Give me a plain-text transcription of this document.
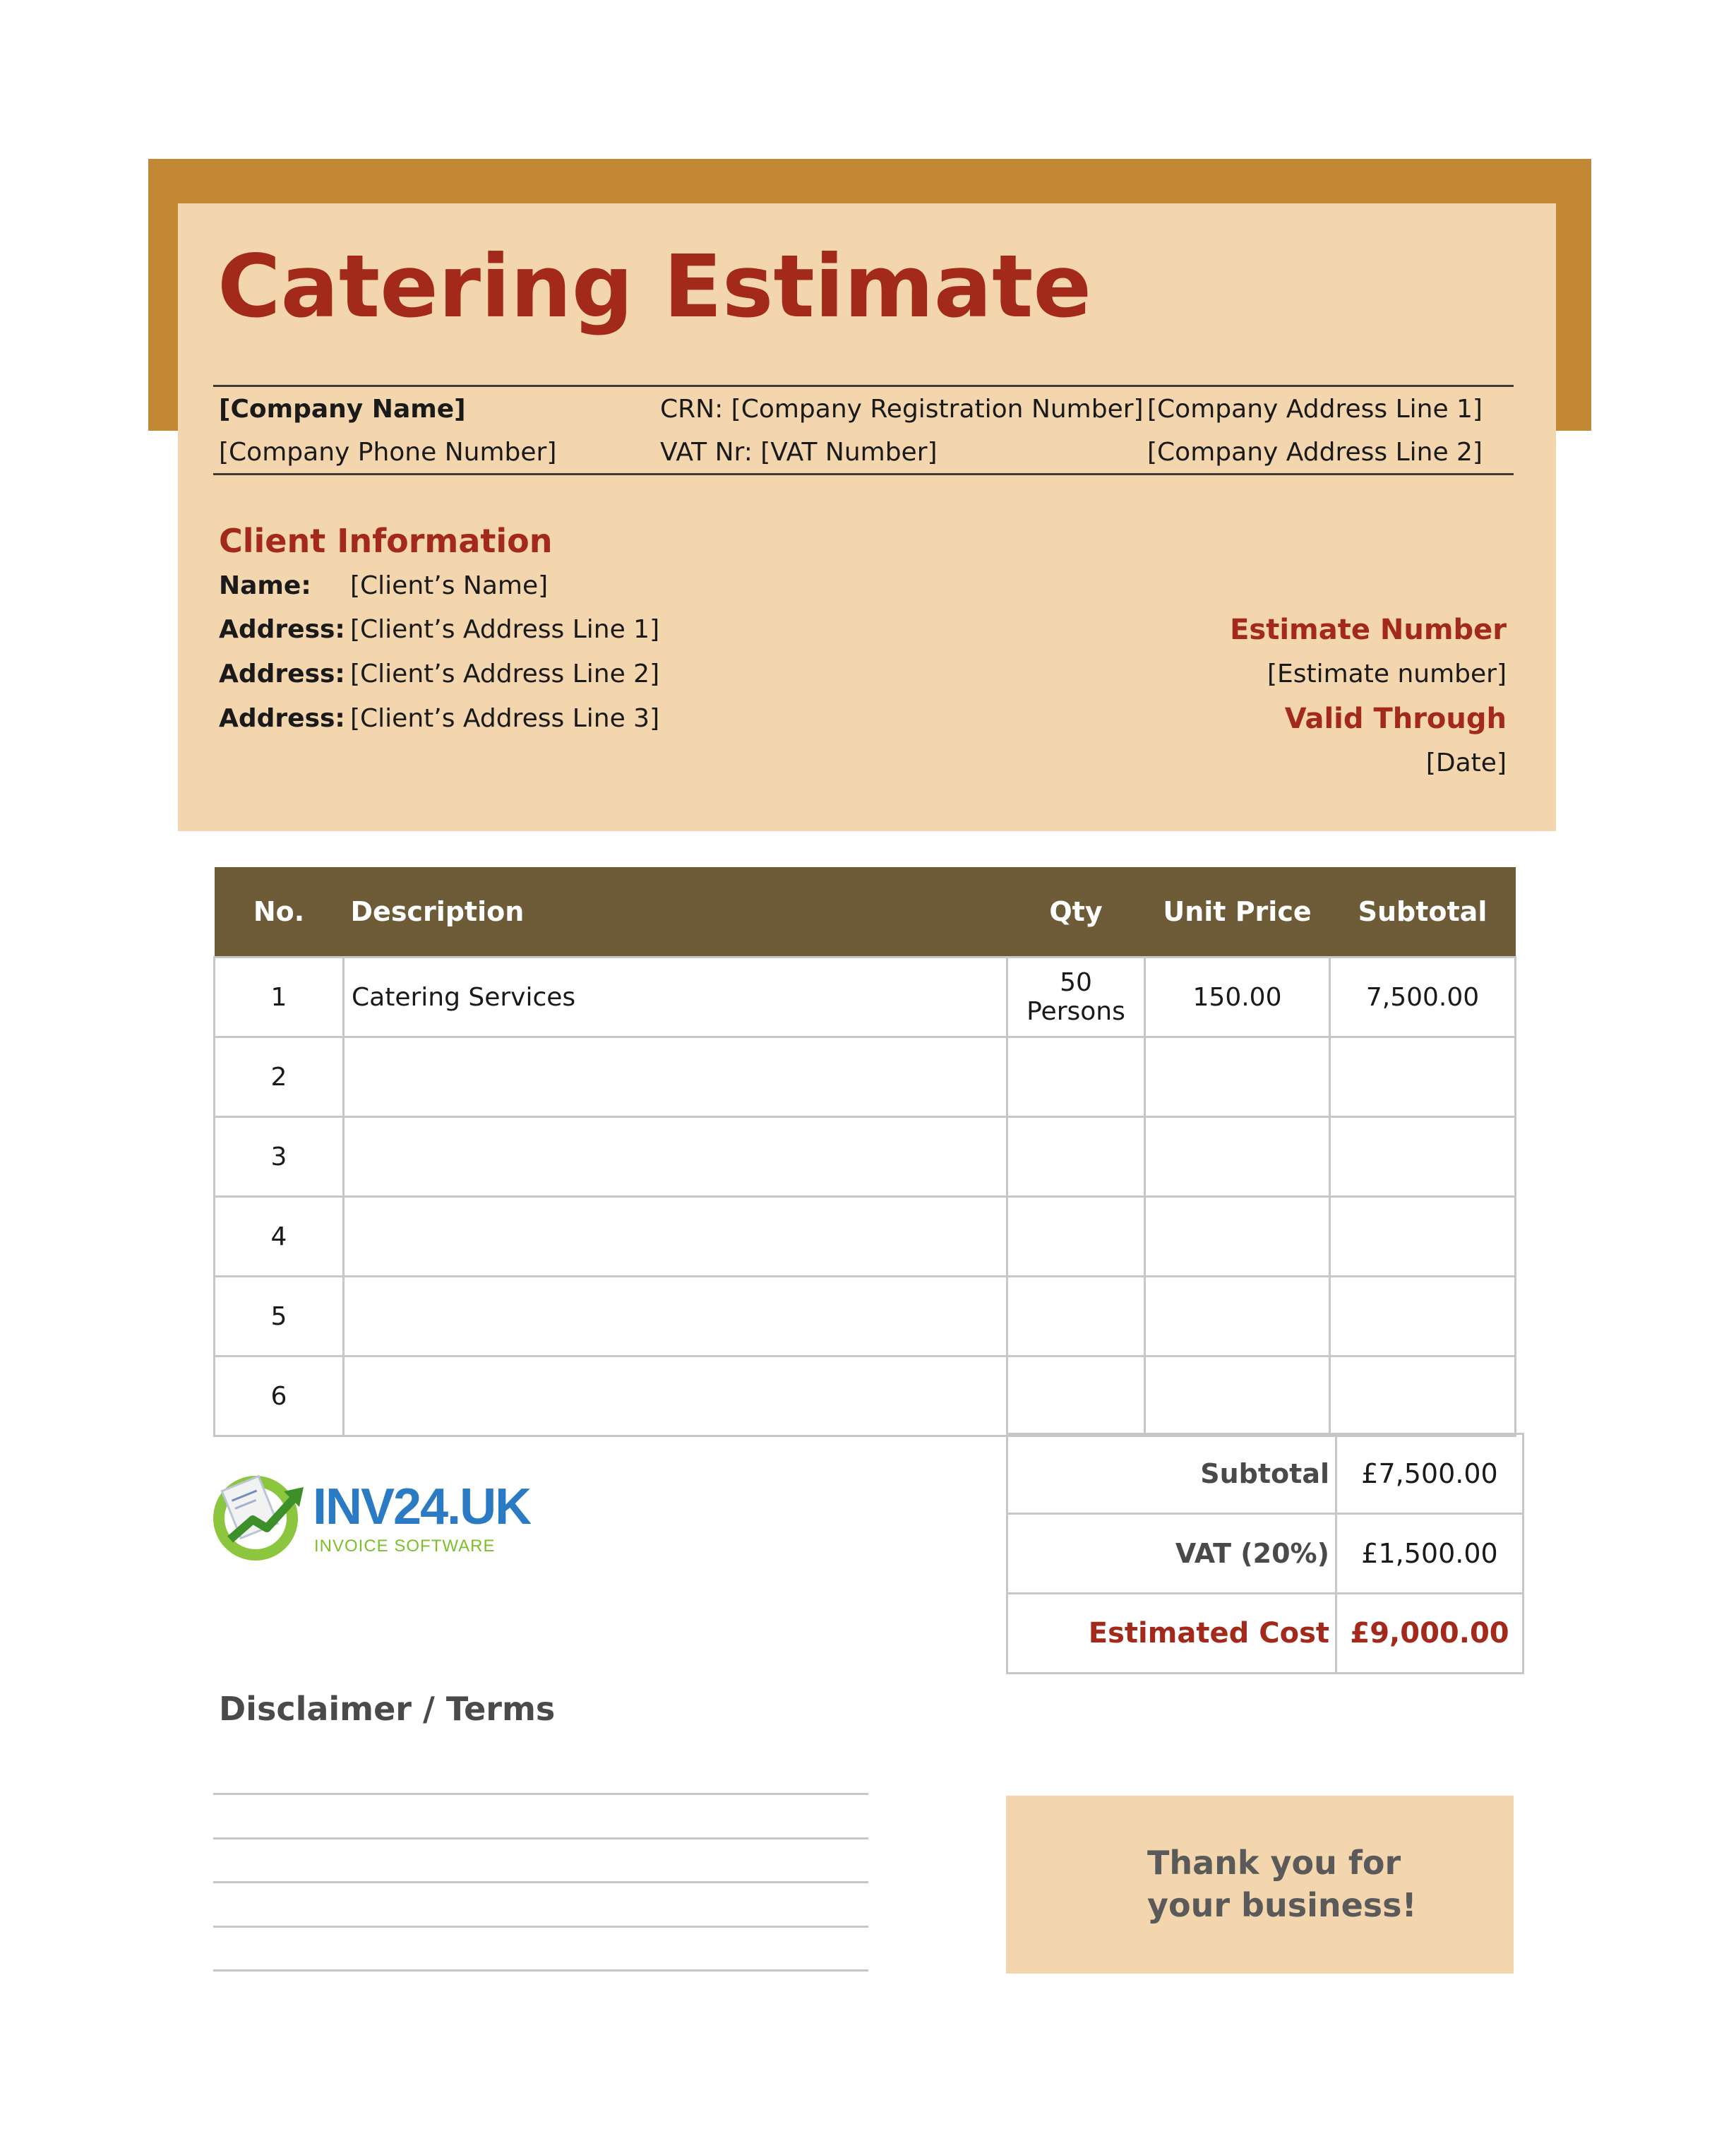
Catering Estimate
[Company Name]	CRN: [Company Registration Number] [Company Address Line 1]
[Company Phone Number]	VAT Nr: [VAT Number]	[Company Address Line 2]
Client Information
Name: [Client’s Name]
Address: [Client’s Address Line 1]
Address: [Client’s Address Line 2]
Address: [Client’s Address Line 3]
Estimate Number
[Estimate number]
Valid Through
[Date]
No.	Description	Qty	Unit Price	Subtotal
1	Catering Services	50 Persons	150.00	7,500.00
2				
3				
4				
5				
6				
Subtotal	£7,500.00
VAT (20%)	£1,500.00
Estimated Cost	£9,000.00
INV24.UK
INVOICE SOFTWARE
Disclaimer / Terms
Thank you for
your business!
